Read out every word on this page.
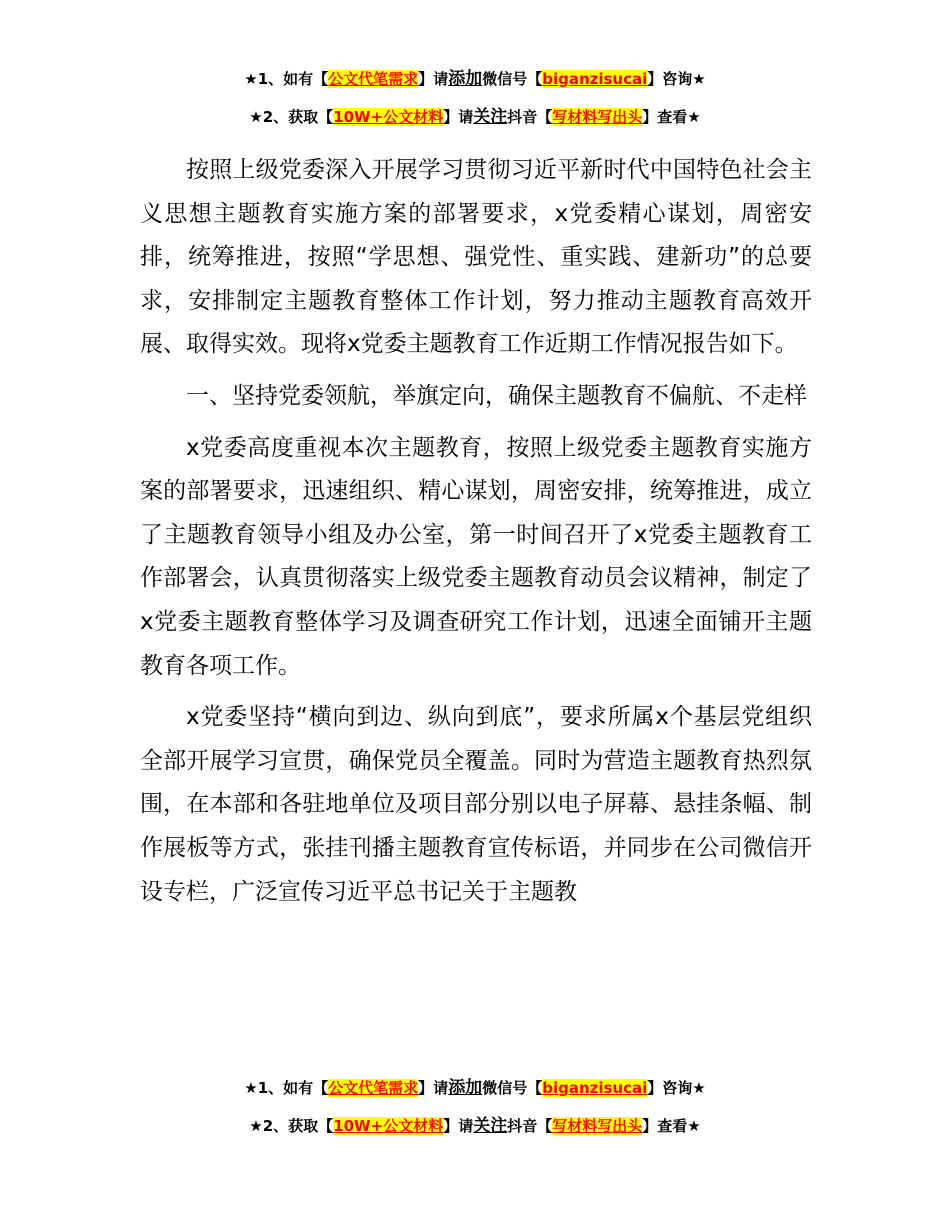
★1、如有【公文代笔需求】请添加微信号【biganzisucai】咨询★
★2、获取【10W+公文材料】请关注抖音【写材料写出头】查看★

按照上级党委深入开展学习贯彻习近平新时代中国特色社会主义思想主题教育实施方案的部署要求，x党委精心谋划，周密安排，统筹推进，按照“学思想、强党性、重实践、建新功”的总要求，安排制定主题教育整体工作计划，努力推动主题教育高效开展、取得实效。现将x党委主题教育工作近期工作情况报告如下。

一、坚持党委领航，举旗定向，确保主题教育不偏航、不走样

x党委高度重视本次主题教育，按照上级党委主题教育实施方案的部署要求，迅速组织、精心谋划，周密安排，统筹推进，成立了主题教育领导小组及办公室，第一时间召开了x党委主题教育工作部署会，认真贯彻落实上级党委主题教育动员会议精神，制定了x党委主题教育整体学习及调查研究工作计划，迅速全面铺开主题教育各项工作。

x党委坚持“横向到边、纵向到底”，要求所属x个基层党组织全部开展学习宣贯，确保党员全覆盖。同时为营造主题教育热烈氛围，在本部和各驻地单位及项目部分别以电子屏幕、悬挂条幅、制作展板等方式，张挂刊播主题教育宣传标语，并同步在公司微信开设专栏，广泛宣传习近平总书记关于主题教

★1、如有【公文代笔需求】请添加微信号【biganzisucai】咨询★
★2、获取【10W+公文材料】请关注抖音【写材料写出头】查看★
